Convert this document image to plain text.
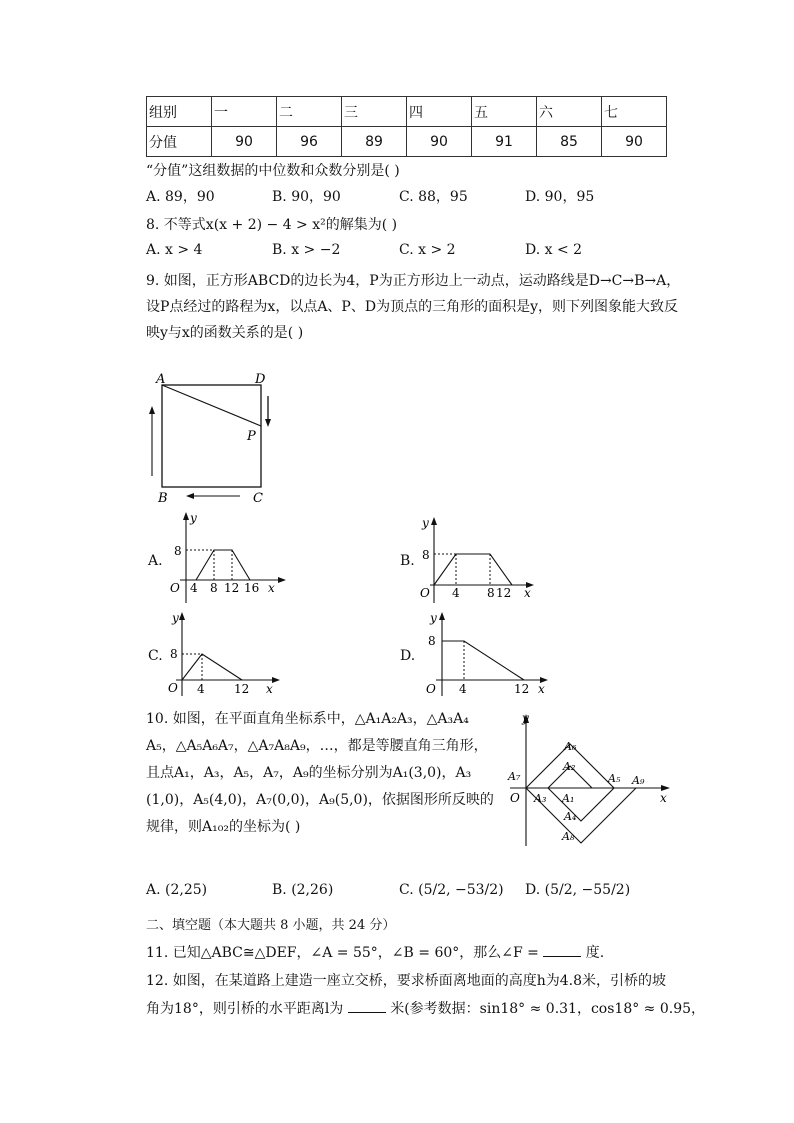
组别	一	二	三	四	五	六	七
分值	90	96	89	90	91	85	90
“分值”这组数据的中位数和众数分别是( )
A. 89，90	B. 90，90	C. 88，95	D. 90，95
8. 不等式x(x + 2) − 4 > x²的解集为( )
A. x > 4	B. x > −2	C. x > 2	D. x < 2
9. 如图，正方形ABCD的边长为4，P为正方形边上一动点，运动路线是D→C→B→A，
设P点经过的路程为x，以点A、P、D为顶点的三角形的面积是y，则下列图象能大致反
映y与x的函数关系的是( )
A	D
P
B	C
A.
8
O 4 8 12 16 x
y
B. 8
O 4 8 12 x
y
C. 8
O 4 12 x
y
D.
8
O 4	12 x
y
10. 如图，在平面直角坐标系中，△A₁A₂A₃，△A₃A₄
A₅，△A₅A₆A₇，△A₇A₈A₉，…，都是等腰直角三角形，
且点A₁，A₃，A₅，A₇，A₉的坐标分别为A₁(3,0)，A₃
(1,0)，A₅(4,0)，A₇(0,0)，A₉(5,0)，依据图形所反映的
规律，则A₁₀₂的坐标为( )
y
A₆
A₂
A₇	A₅ A₉
O A₃ A₁	x
A₄
A₈
A. (2,25)	B. (2,26)	C. (5/2, −53/2) D. (5/2, −55/2)
二、填空题（本大题共 8 小题，共 24 分）
11. 已知△ABC≅△DEF，∠A = 55°，∠B = 60°，那么∠F =	度.
12. 如图，在某道路上建造一座立交桥，要求桥面离地面的高度h为4.8米，引桥的坡
角为18°，则引桥的水平距离l为	米(参考数据：sin18° ≈ 0.31，cos18° ≈ 0.95，
